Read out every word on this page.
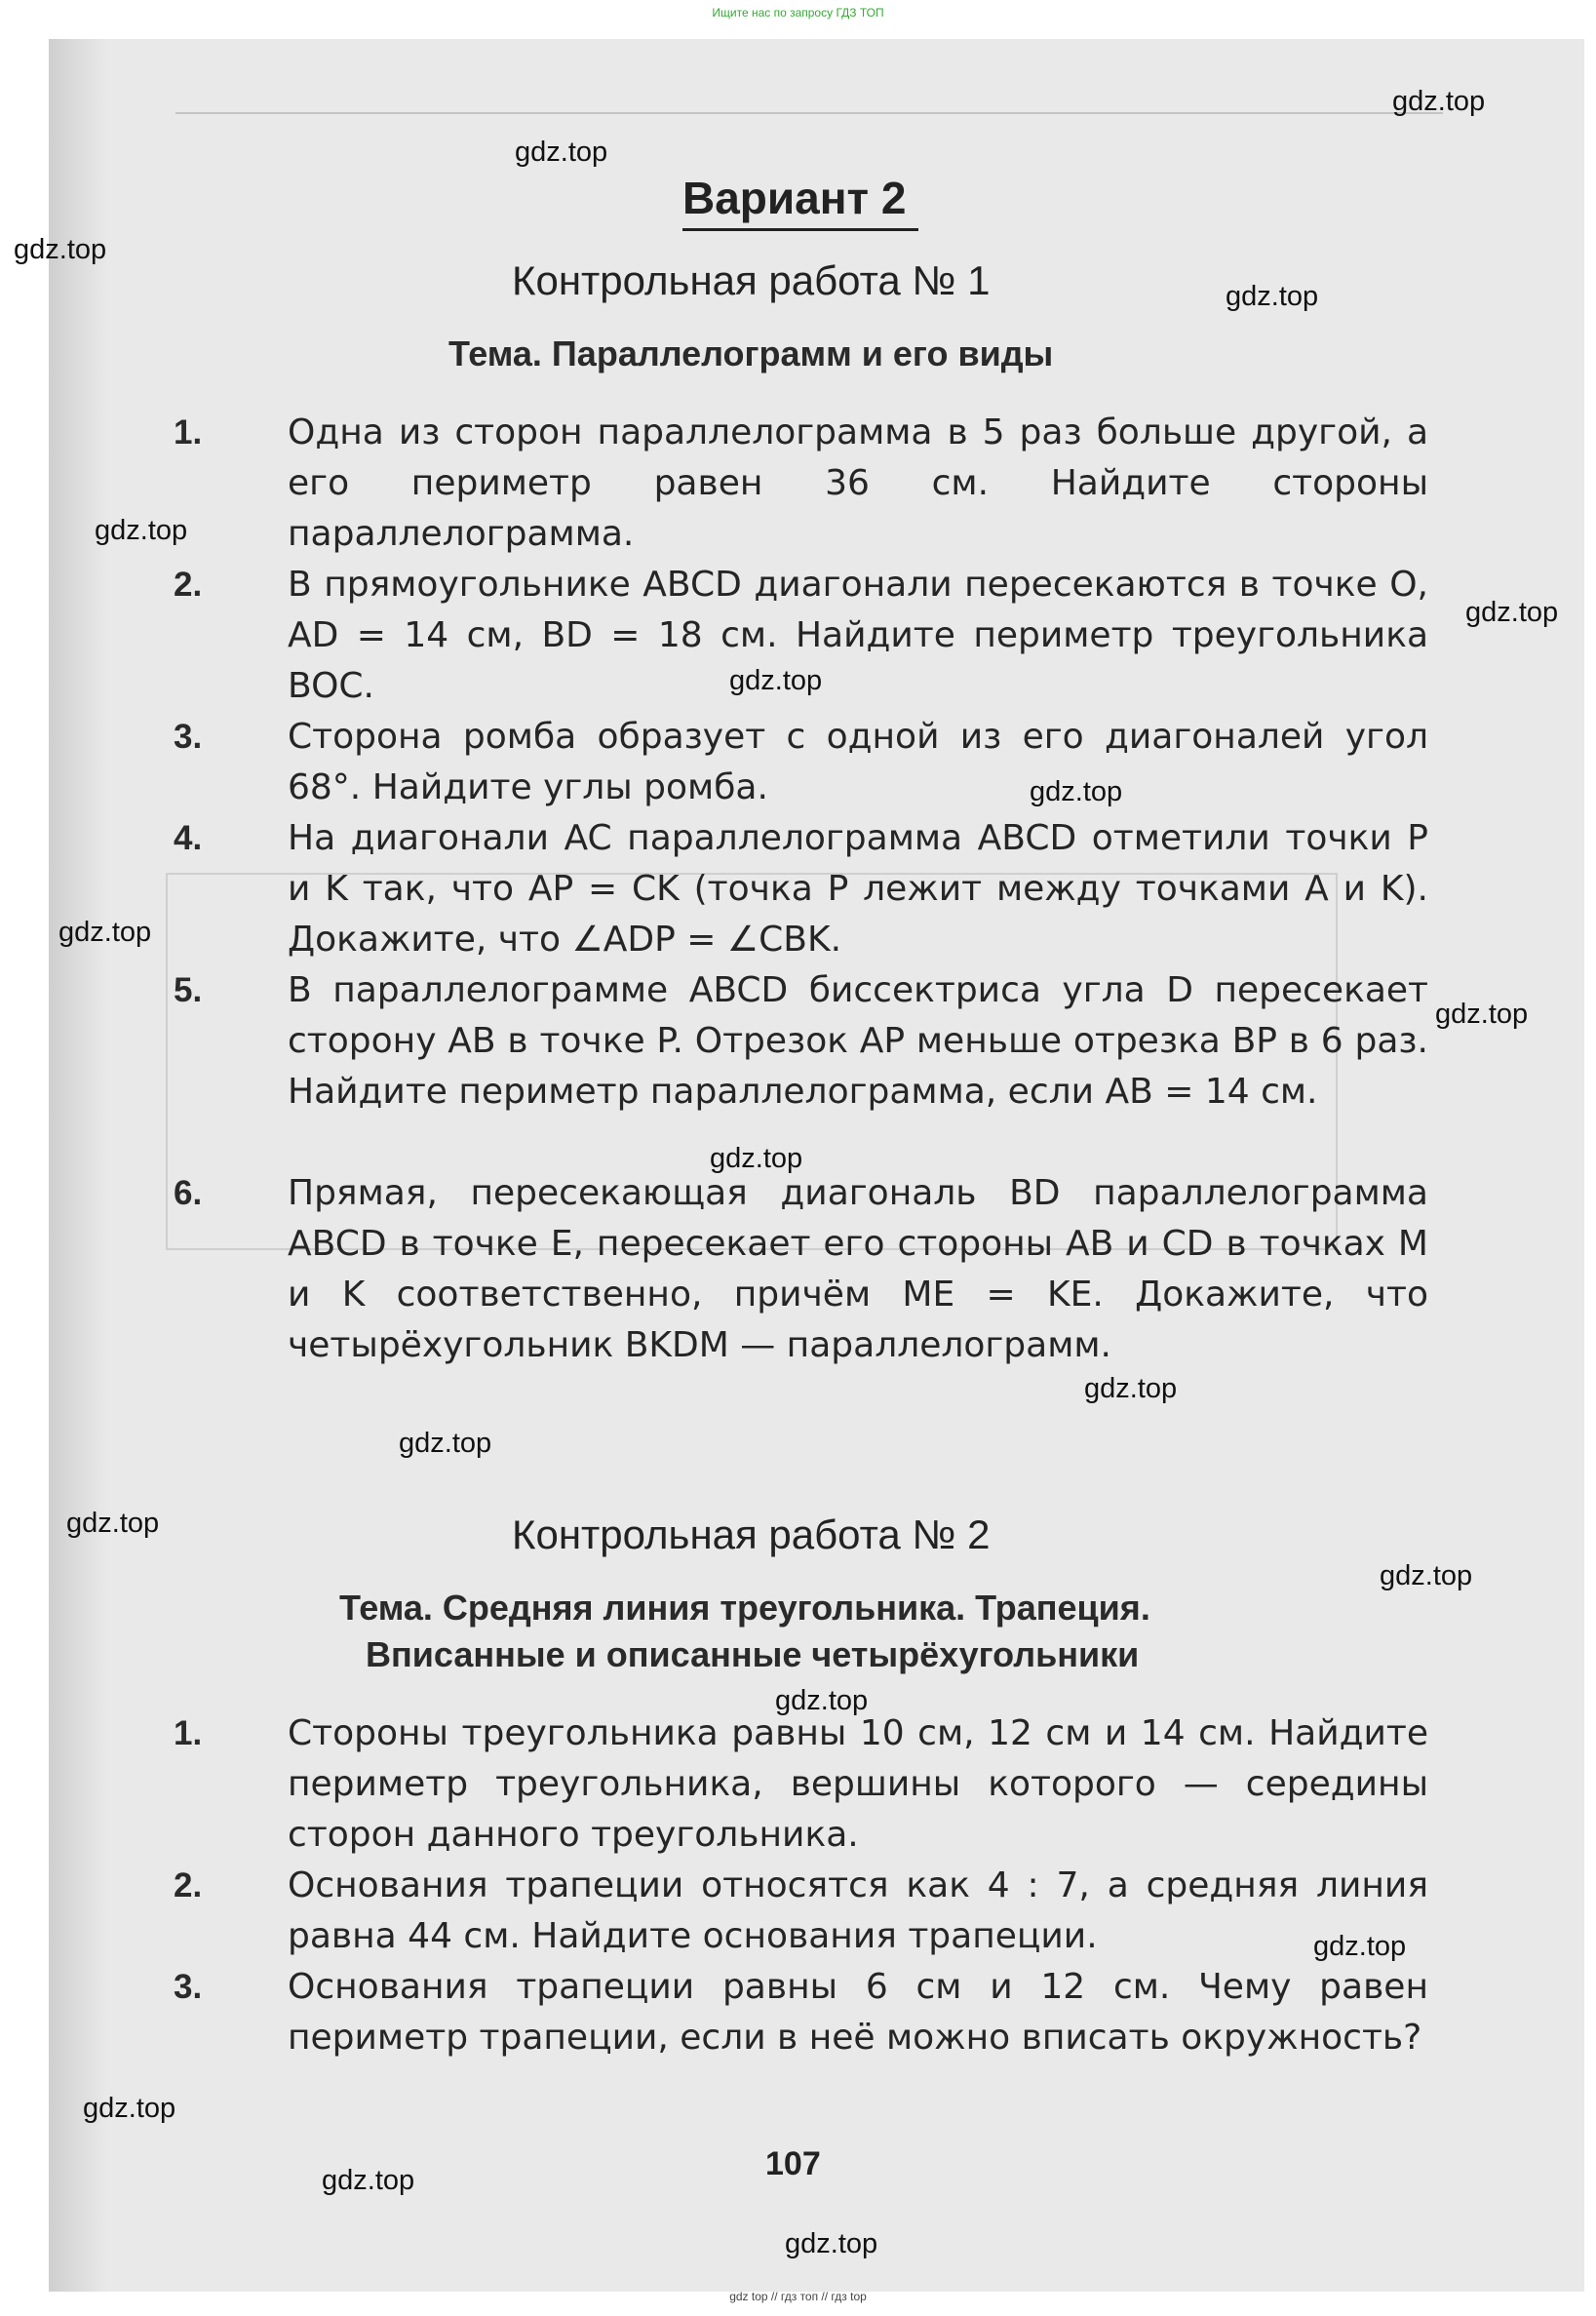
Ищите нас по запросу ГДЗ ТОП
gdz.top
gdz.top
gdz.top
gdz.top
gdz.top
gdz.top
gdz.top
gdz.top
gdz.top
gdz.top
gdz.top
gdz.top
gdz.top
gdz.top
gdz.top
gdz.top
gdz.top
gdz.top
gdz.top
gdz.top
Вариант 2
Контрольная работа № 1
Тема. Параллелограмм и его виды
1. Одна из сторон параллелограмма в 5 раз больше другой, а его периметр равен 36 см. Найдите стороны параллелограмма.
2. В прямоугольнике ABCD диагонали пересекаются в точке O, AD = 14 см, BD = 18 см. Найдите периметр треугольника BOC.
3. Сторона ромба образует с одной из его диагоналей угол 68°. Найдите углы ромба.
4. На диагонали AC параллелограмма ABCD отметили точки P и K так, что AP = CK (точка P лежит между точками A и K). Докажите, что ∠ADP = ∠CBK.
5. В параллелограмме ABCD биссектриса угла D пересекает сторону AB в точке P. Отрезок AP меньше отрезка BP в 6 раз. Найдите периметр параллелограмма, если AB = 14 см.
6. Прямая, пересекающая диагональ BD параллелограмма ABCD в точке E, пересекает его стороны AB и CD в точках M и K соответственно, причём ME = KE. Докажите, что четырёхугольник BKDM — параллелограмм.
Контрольная работа № 2
Тема. Средняя линия треугольника. Трапеция.
Вписанные и описанные четырёхугольники
1. Стороны треугольника равны 10 см, 12 см и 14 см. Найдите периметр треугольника, вершины которого — середины сторон данного треугольника.
2. Основания трапеции относятся как 4 : 7, а средняя линия равна 44 см. Найдите основания трапеции.
3. Основания трапеции равны 6 см и 12 см. Чему равен периметр трапеции, если в неё можно вписать окружность?
107
gdz top // гдз топ // гдз top
